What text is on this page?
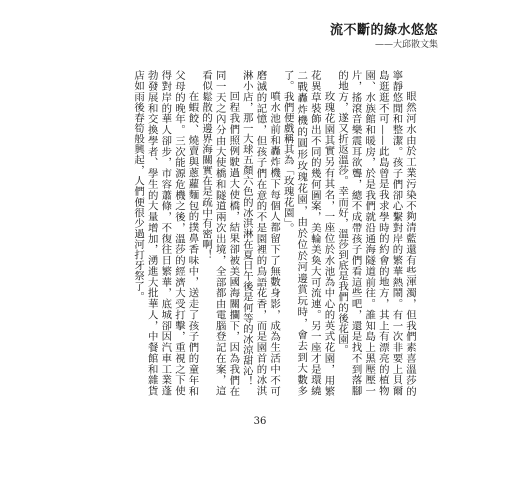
流不斷的綠水悠悠
——大邱散文集

眼然河水由於工業污染不夠清藍還有些渾濁，但我們素喜溫莎的寧靜悠閒和整潔。孩子們卻心繫對岸的繁華熱鬧。有一次非要上貝爾島逛逛不可——此島曾是我求學時的約會的地方，其上有漂亮的植物園、水族館和暖房，於是我們就沿通海隧道前往。誰知島上黑壓壓一片，搖滾音樂震耳欲聾，總不成帶孩子們看這些吧，還是找不到落腳的地方，遂又折返溫莎。幸而好，溫莎到底是我們的後花園。

玫瑰花園其實另有其名，一座位於水池為中心的英式花園，用繁花異草裝飾出不同的幾何圖案，美輪美奐大可流連。另一座才是環繞二戰轟炸機的圓形玫瑰花園，由於位於河邊賞玩時，會去到大數多了。我們便戲稱其為「玫瑰花園」。

噴水池前和轟炸機下每個人都留下了無數身影，成為生活中不可磨滅的記憶，但孩子們在意的不是園裡的鳥語花香，而是園首的冰淇淋小店，那一大球五顏六色的冰淇淋在夏日午後是何等的冰涼甜沁！

回程我們照例駛過大使橋，結果卻被美國海關攔下，因為我們在同一天之內分由大使橋和隧道兩次出境，全部都由電腦登記在案，這看似鬆散的邊界海關實在是疏中有密啊！

在蝦餃、燒賣與蔥蘿麵包的撲鼻香味中，送走了孩子們的童年和父母的晚年。三次能源危機之後，溫莎的經濟大受打擊，重視之下使得對岸的華人卻步，市容蕭條，不復往日繁華，底城卻因汽車工業蓬勃發展和交換學者、學生的大量增加，湧進大批華人，中餐館和雜貨店如雨後春筍般興起，人們便很少過河打牙祭了。

36
